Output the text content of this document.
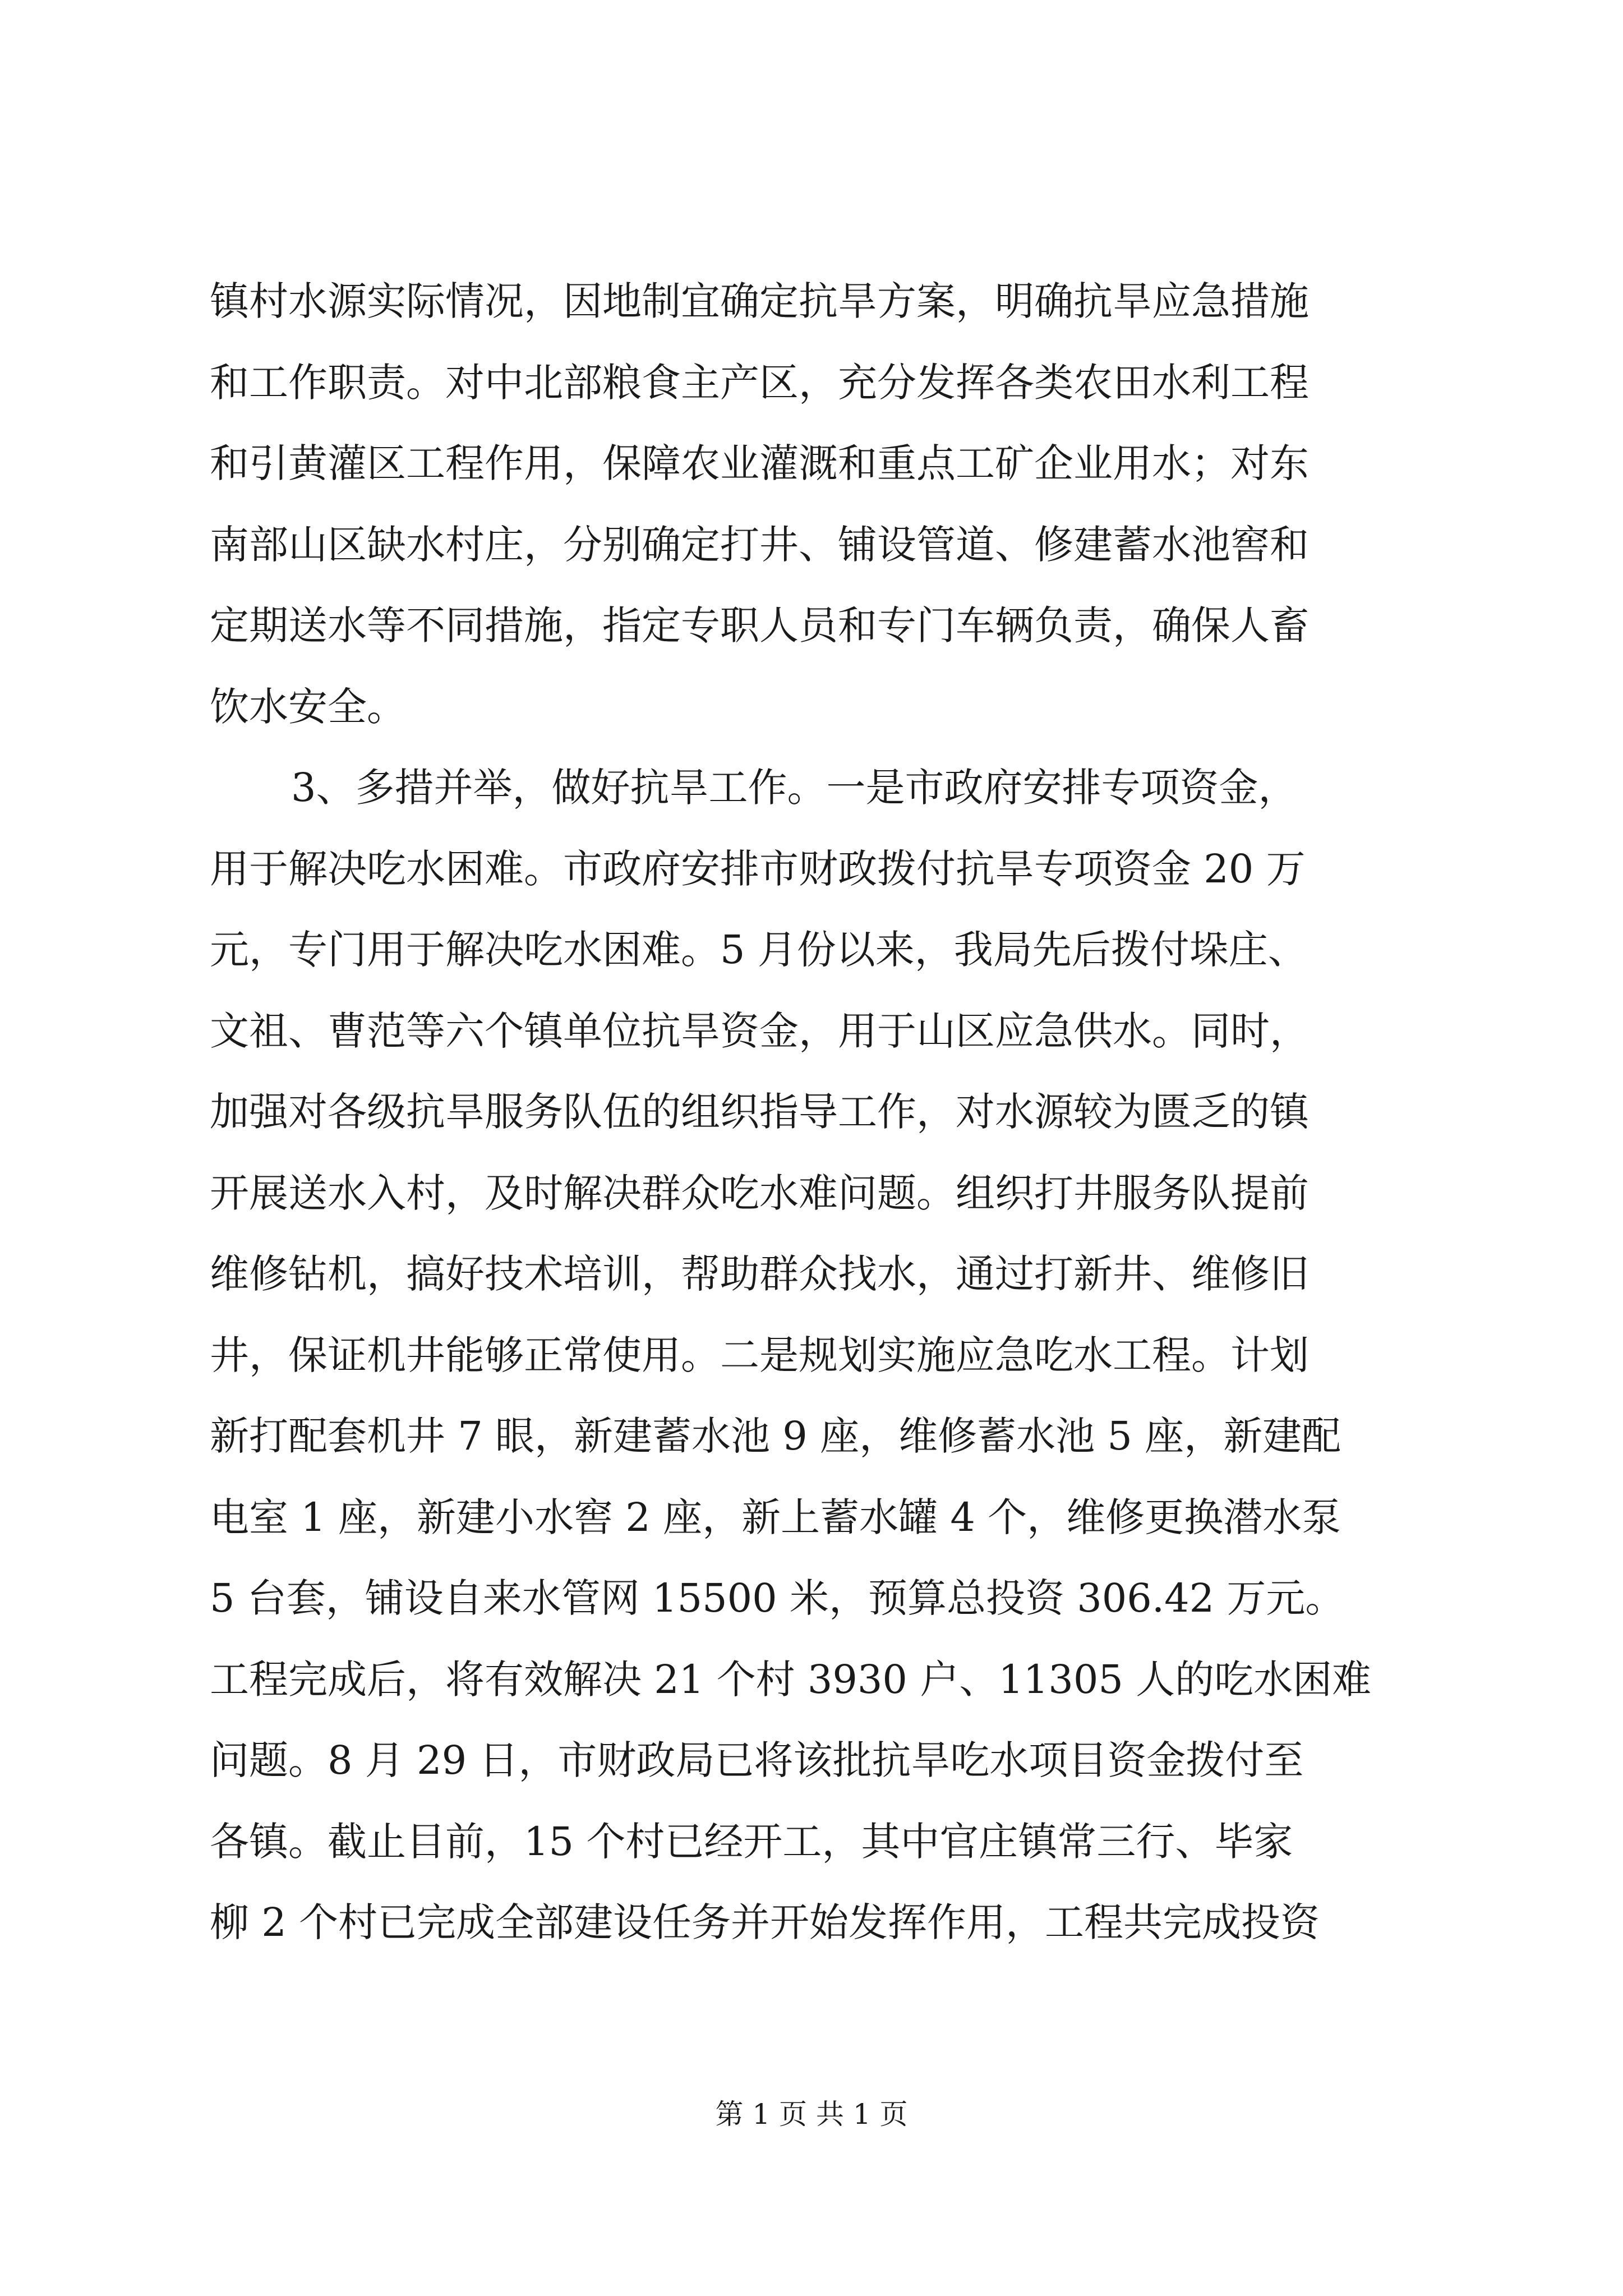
镇村水源实际情况，因地制宜确定抗旱方案，明确抗旱应急措施
和工作职责。对中北部粮食主产区，充分发挥各类农田水利工程
和引黄灌区工程作用，保障农业灌溉和重点工矿企业用水；对东
南部山区缺水村庄，分别确定打井、铺设管道、修建蓄水池窖和
定期送水等不同措施，指定专职人员和专门车辆负责，确保人畜
饮水安全。
3、多措并举，做好抗旱工作。一是市政府安排专项资金，
用于解决吃水困难。市政府安排市财政拨付抗旱专项资金 20 万
元，专门用于解决吃水困难。5 月份以来，我局先后拨付垛庄、
文祖、曹范等六个镇单位抗旱资金，用于山区应急供水。同时，
加强对各级抗旱服务队伍的组织指导工作，对水源较为匮乏的镇
开展送水入村，及时解决群众吃水难问题。组织打井服务队提前
维修钻机，搞好技术培训，帮助群众找水，通过打新井、维修旧
井，保证机井能够正常使用。二是规划实施应急吃水工程。计划
新打配套机井 7 眼，新建蓄水池 9 座，维修蓄水池 5 座，新建配
电室 1 座，新建小水窖 2 座，新上蓄水罐 4 个，维修更换潜水泵
5 台套，铺设自来水管网 15500 米，预算总投资 306.42 万元。
工程完成后，将有效解决 21 个村 3930 户、11305 人的吃水困难
问题。8 月 29 日，市财政局已将该批抗旱吃水项目资金拨付至
各镇。截止目前，15 个村已经开工，其中官庄镇常三行、毕家
柳 2 个村已完成全部建设任务并开始发挥作用，工程共完成投资
第 1 页 共 1 页
